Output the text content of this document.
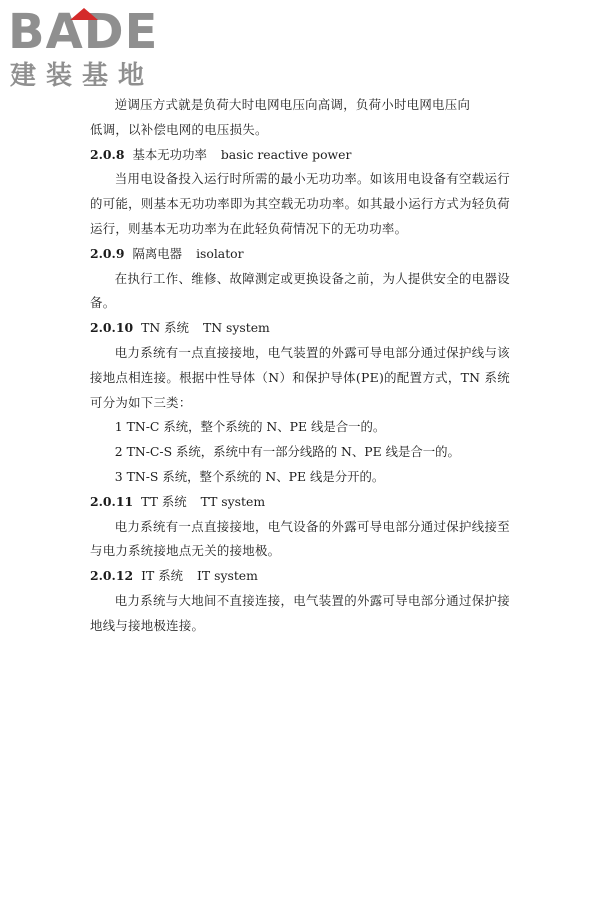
BADE
建装基地

逆调压方式就是负荷大时电网电压向高调，负荷小时电网电压向

低调，以补偿电网的电压损失。

2.0.8 基本无功功率 basic reactive power

当用电设备投入运行时所需的最小无功功率。如该用电设备有空载运行的可能，则基本无功功率即为其空载无功功率。如其最小运行方式为轻负荷运行，则基本无功功率为在此轻负荷情况下的无功功率。

2.0.9 隔离电器 isolator

在执行工作、维修、故障测定或更换设备之前，为人提供安全的电器设备。

2.0.10 TN 系统 TN system

电力系统有一点直接接地，电气装置的外露可导电部分通过保护线与该接地点相连接。根据中性导体（N）和保护导体(PE)的配置方式，TN 系统可分为如下三类：

1 TN-C 系统，整个系统的 N、PE 线是合一的。

2 TN-C-S 系统，系统中有一部分线路的 N、PE 线是合一的。

3 TN-S 系统，整个系统的 N、PE 线是分开的。

2.0.11 TT 系统 TT system

电力系统有一点直接接地，电气设备的外露可导电部分通过保护线接至与电力系统接地点无关的接地极。

2.0.12 IT 系统 IT system

电力系统与大地间不直接连接，电气装置的外露可导电部分通过保护接地线与接地极连接。
